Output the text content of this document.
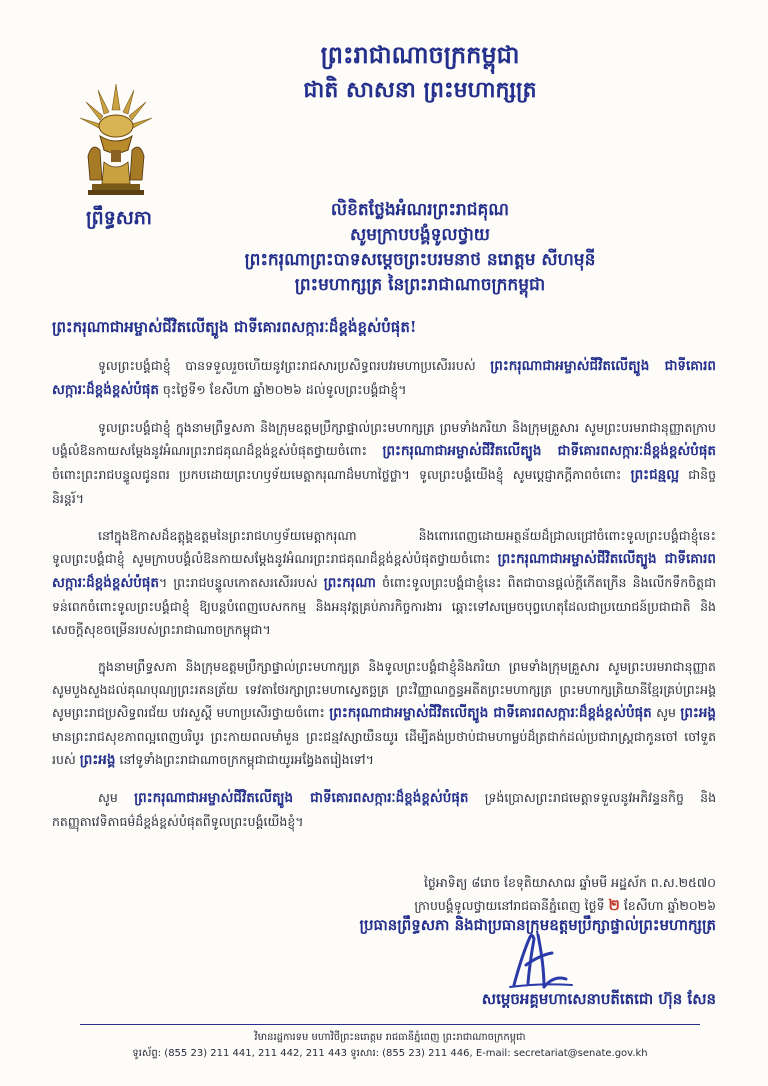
ព្រះរាជាណាចក្រកម្ពុជា
ជាតិ សាសនា ព្រះមហាក្សត្រ
ព្រឹទ្ធសភា	លិខិតថ្លែងអំណរព្រះរាជគុណ
សូមក្រាបបង្គំទូលថ្វាយ
ព្រះករុណាព្រះបាទសម្តេចព្រះបរមនាថ នរោត្តម សីហមុនី
ព្រះមហាក្សត្រ នៃព្រះរាជាណាចក្រកម្ពុជា
ព្រះករុណាជាអម្ចាស់ជីវិតលើត្បូង ជាទីគោរពសក្ការៈដ៏ខ្ពង់ខ្ពស់បំផុត!

ទូលព្រះបង្គំជាខ្ញុំ បានទទួលរួចហើយនូវព្រះរាជសារប្រសិទ្ធពរបវរមហាប្រសើររបស់ ព្រះករុណាជាអម្ចាស់ជីវិតលើត្បូង ជាទីគោរពសក្ការៈដ៏ខ្ពង់ខ្ពស់បំផុត ចុះថ្ងៃទី១ ខែសីហា ឆ្នាំ២០២៦ ដល់ទូលព្រះបង្គំជាខ្ញុំ។

ទូលព្រះបង្គំជាខ្ញុំ ក្នុងនាមព្រឹទ្ធសភា និងក្រុមឧត្តមប្រឹក្សាផ្ទាល់ព្រះមហាក្សត្រ ព្រមទាំងភរិយា និងក្រុមគ្រួសារ សូមព្រះបរមរាជានុញ្ញាតក្រាបបង្គំលំឱនកាយសម្តែងនូវអំណរព្រះរាជគុណដ៏ខ្ពង់ខ្ពស់បំផុតថ្វាយចំពោះ ព្រះករុណាជាអម្ចាស់ជីវិតលើត្បូង ជាទីគោរពសក្ការៈដ៏ខ្ពង់ខ្ពស់បំផុត ចំពោះព្រះរាជបន្ទូលជូនពរ ប្រកបដោយព្រះហឫទ័យមេត្តាករុណាដ៏មហាថ្លៃថ្លា។ ទូលព្រះបង្គំយើងខ្ញុំ សូមប្តេជ្ញាភក្តីភាពចំពោះ ព្រះជន្មល្អ ជានិច្ចនិរន្តរ៍។

នៅក្នុងឱកាសដ៏ឧត្តុង្គឧត្តមនៃព្រះរាជហឫទ័យមេត្តាករុណា និងពោរពេញដោយអត្ថន័យដ៏ជ្រាលជ្រៅចំពោះទូលព្រះបង្គំជាខ្ញុំនេះ ទូលព្រះបង្គំជាខ្ញុំ សូមក្រាបបង្គំលំឱនកាយសម្តែងនូវអំណរព្រះរាជគុណដ៏ខ្ពង់ខ្ពស់បំផុតថ្វាយចំពោះ ព្រះករុណាជាអម្ចាស់ជីវិតលើត្បូង ជាទីគោរពសក្ការៈដ៏ខ្ពង់ខ្ពស់បំផុត។ ព្រះរាជបន្ទូលកោតសរសើររបស់ ព្រះករុណា ចំពោះទូលព្រះបង្គំជាខ្ញុំនេះ ពិតជាបានផ្តល់ក្តីកើតក្រើន និងលើកទឹកចិត្តជាទន់ពេកចំពោះទូលព្រះបង្គំជាខ្ញុំ ឱ្យបន្តបំពេញបេសកកម្ម និងអនុវត្តគ្រប់ភារកិច្ចការងារ ឆ្ពោះទៅសម្រេចបុព្វហេតុដែលជាប្រយោជន៍ប្រជាជាតិ និងសេចក្តីសុខចម្រើនរបស់ព្រះរាជាណាចក្រកម្ពុជា។

ក្នុងនាមព្រឹទ្ធសភា និងក្រុមឧត្តមប្រឹក្សាផ្ទាល់ព្រះមហាក្សត្រ និងទូលព្រះបង្គំជាខ្ញុំនិងភរិយា ព្រមទាំងក្រុមគ្រួសារ សូមព្រះបរមរាជានុញ្ញាតសូមបួងសួងដល់គុណបុណ្យព្រះរតនត្រ័យ ទេវតាថែរក្សាព្រះមហាស្វេតច្ឆត្រ ព្រះវិញ្ញាណក្ខន្ធអតីតព្រះមហាក្សត្រ ព្រះមហាក្សត្រិយានីខ្មែរគ្រប់ព្រះអង្គ សូមព្រះរាជប្រសិទ្ធពរជ័យ បវរសួស្តី មហាប្រសើរថ្វាយចំពោះ ព្រះករុណាជាអម្ចាស់ជីវិតលើត្បូង ជាទីគោរពសក្ការៈដ៏ខ្ពង់ខ្ពស់បំផុត សូម ព្រះអង្គមានព្រះរាជសុខភាពល្អពេញបរិបូរ ព្រះកាយពលមាំមួន ព្រះជន្មវស្សាយឺនយូរ ដើម្បីគង់ប្រថាប់ជាមហាម្លប់ដ៏ត្រជាក់ដល់ប្រជារាស្ត្រជាកូនចៅ ចៅទួតរបស់ ព្រះអង្គ នៅទូទាំងព្រះរាជាណាចក្រកម្ពុជាជាយូរអង្វែងតរៀងទៅ។

សូម ព្រះករុណាជាអម្ចាស់ជីវិតលើត្បូង ជាទីគោរពសក្ការៈដ៏ខ្ពង់ខ្ពស់បំផុត ទ្រង់ប្រោសព្រះរាជមេត្តាទទួលនូវអភិវន្ទនកិច្ច និងកតញ្ញុតាវេទិតាធម៌ដ៏ខ្ពង់ខ្ពស់បំផុតពីទូលព្រះបង្គំយើងខ្ញុំ។

ថ្ងៃអាទិត្យ ៨រោច ខែទុតិយាសាឍ ឆ្នាំមមី អដ្ឋស័ក ព.ស.២៥៧០
ក្រាបបង្គំទូលថ្វាយនៅរាជធានីភ្នំពេញ ថ្ងៃទី ២ ខែសីហា ឆ្នាំ២០២៦
ប្រធានព្រឹទ្ធសភា និងជាប្រធានក្រុមឧត្តមប្រឹក្សាផ្ទាល់ព្រះមហាក្សត្រ
សម្តេចអគ្គមហាសេនាបតីតេជោ ហ៊ុន សែន
វិមានរដ្ឋការទម មហាវិថីព្រះនរោត្តម រាជធានីភ្នំពេញ ព្រះរាជាណាចក្រកម្ពុជា
ទូរស័ព្ទ: (855 23) 211 441, 211 442, 211 443 ទូរសារ: (855 23) 211 446, E-mail: secretariat@senate.gov.kh
